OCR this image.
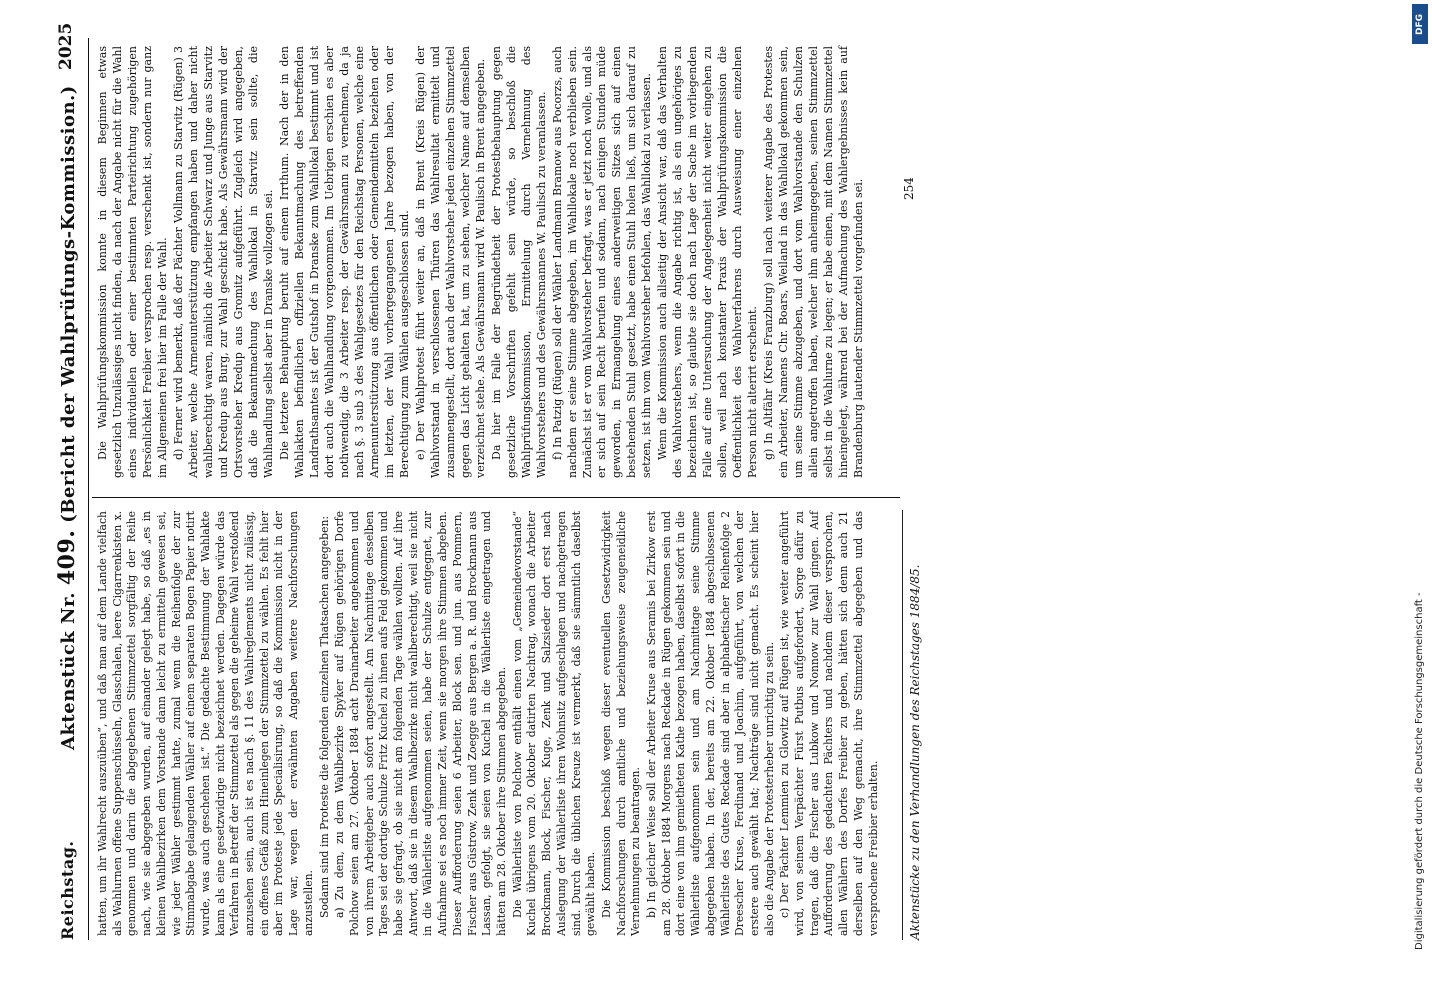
Reichstag.
Aktenstück Nr. 409. (Bericht der Wahlprüfungs-Kommission.)
2025

hatten, um ihr Wahlrecht auszuüben“, und daß man auf dem Lande vielfach als Wahlurnen offene Suppenschüsseln, Glasschalen, leere Cigarrenkisten x. genommen und darin die abgegebenen Stimmzettel sorgfältig der Reihe nach, wie sie abgegeben wurden, auf einander gelegt habe, so daß „es in kleinen Wahlbezirken dem Vorstande dann leicht zu ermitteln gewesen sei, wie jeder Wähler gestimmt hatte, zumal wenn die Reihenfolge der zur Stimmabgabe gelangenden Wähler auf einem separaten Bogen Papier notirt wurde, was auch geschehen ist.“ Die gedachte Bestimmung der Wahlakte kann als eine gesetzwidrige nicht bezeichnet werden. Dagegen würde das Verfahren in Betreff der Stimmzettel als gegen die geheime Wahl verstoßend anzusehen sein, auch ist es nach §. 11 des Wahlreglements nicht zulässig, ein offenes Gefäß zum Hineinlegen der Stimmzettel zu wählen. Es fehlt hier aber im Proteste jede Specialisirung, so daß die Kommission nicht in der Lage war, wegen der erwähnten Angaben weitere Nachforschungen anzustellen. Sodann sind im Proteste die folgenden einzelnen Thatsachen angegeben: a) Zu dem, zu dem Wahlbezirke Spyker auf Rügen gehörigen Dorfe Polchow seien am 27. Oktober 1884 acht Drainarbeiter angekommen und von ihrem Arbeitgeber auch sofort angestellt. Am Nachmittage desselben Tages sei der dortige Schulze Fritz Kuchel zu ihnen aufs Feld gekommen und habe sie gefragt, ob sie nicht am folgenden Tage wählen wollten. Auf ihre Antwort, daß sie in diesem Wahlbezirke nicht wahlberechtigt, weil sie nicht in die Wählerliste aufgenommen seien, habe der Schulze entgegnet, zur Aufnahme sei es noch immer Zeit, wenn sie morgen ihre Stimmen abgeben. Dieser Aufforderung seien 6 Arbeiter, Block sen. und jun. aus Pommern, Fischer aus Güstrow, Zenk und Zoegge aus Bergen a. R. und Brockmann aus Lassan, gefolgt, sie seien von Kuchel in die Wählerliste eingetragen und hätten am 28. Oktober ihre Stimmen abgegeben. Die Wählerliste von Polchow enthält einen vom „Gemeindevorstande“ Kuchel übrigens vom 20. Oktober datirten Nachtrag, wonach die Arbeiter Brockmann, Block, Fischer, Kuge, Zenk und Salzsieder dort erst nach Auslegung der Wählerliste ihren Wohnsitz aufgeschlagen und nachgetragen sind. Durch die üblichen Kreuze ist vermerkt, daß sie sämmtlich daselbst gewählt haben. Die Kommission beschloß wegen dieser eventuellen Gesetzwidrigkeit Nachforschungen durch amtliche und beziehungsweise zeugeneidliche Vernehmungen zu beantragen. b) In gleicher Weise soll der Arbeiter Kruse aus Seramis bei Zirkow erst am 28. Oktober 1884 Morgens nach Reckade in Rügen gekommen sein und dort eine von ihm gemietheten Kathe bezogen haben, daselbst sofort in die Wählerliste aufgenommen sein und am Nachmittage seine Stimme abgegeben haben. In der, bereits am 22. Oktober 1884 abgeschlossenen Wählerliste des Gutes Reckade sind aber in alphabetischer Reihenfolge 2 Dreescher Kruse, Ferdinand und Joachim, aufgeführt, von welchen der erstere auch gewählt hat; Nachträge sind nicht gemacht. Es scheint hier also die Angabe der Protesterheber unrichtig zu sein. c) Der Pächter Lemmien zu Glowitz auf Rügen ist, wie weiter angeführt wird, von seinem Verpächter Fürst Putbus aufgefordert, Sorge dafür zu tragen, daß die Fischer aus Lubkow und Nonnow zur Wahl gingen. Auf Aufforderung des gedachten Pächters und nachdem dieser versprochen, allen Wählern des Dorfes Freibier zu geben, hätten sich denn auch 21 derselben auf den Weg gemacht, ihre Stimmzettel abgegeben und das versprochene Freibier erhalten.

Die Wahlprüfungskommission konnte in diesem Beginnen etwas gesetzlich Unzulässiges nicht finden, da nach der Angabe nicht für die Wahl eines individuellen oder einer bestimmten Parteirichtung zugehörigen Persönlichkeit Freibier versprochen resp. verschenkt ist, sondern nur ganz im Allgemeinen frei hier im Falle der Wahl. d) Ferner wird bemerkt, daß der Pächter Vollmann zu Starvitz (Rügen) 3 Arbeiter, welche Armenunterstützung empfangen haben und daher nicht wahlberechtigt waren, nämlich die Arbeiter Schwarz und Junge aus Starvitz und Kredup aus Burg, zur Wahl geschickt habe. Als Gewährsmann wird der Ortsvorsteher Kredup aus Gromitz aufgeführt. Zugleich wird angegeben, daß die Bekanntmachung des Wahllokal in Starvitz sein sollte, die Wahlhandlung selbst aber in Dranske vollzogen sei. Die letztere Behauptung beruht auf einem Irrthum. Nach der in den Wahlakten befindlichen offiziellen Bekanntmachung des betreffenden Landrathsamtes ist der Gutshof in Dranske zum Wahllokal bestimmt und ist dort auch die Wahlhandlung vorgenommen. Im Uebrigen erschien es aber nothwendig, die 3 Arbeiter resp. der Gewährsmann zu vernehmen, da ja nach §. 3 sub 3 des Wahlgesetzes für den Reichstag Personen, welche eine Armenunterstützung aus öffentlichen oder Gemeindemitteln beziehen oder im letzten, der Wahl vorhergegangenen Jahre bezogen haben, von der Berechtigung zum Wählen ausgeschlossen sind. e) Der Wahlprotest führt weiter an, daß in Brent (Kreis Rügen) der Wahlvorstand in verschlossenen Thüren das Wahlresultat ermittelt und zusammengestellt, dort auch der Wahlvorsteher jeden einzelnen Stimmzettel gegen das Licht gehalten hat, um zu sehen, welcher Name auf demselben verzeichnet stehe. Als Gewährsmann wird W. Paulisch in Brent angegeben. Da hier im Falle der Begründetheit der Protestbehauptung gegen gesetzliche Vorschriften gefehlt sein würde, so beschloß die Wahlprüfungskommission, Ermittelung durch Vernehmung des Wahlvorstehers und des Gewährsmannes W. Paulisch zu veranlassen. f) In Patzig (Rügen) soll der Wähler Landmann Bramow aus Pocorzs, auch nachdem er seine Stimme abgegeben, im Wahllokale noch verblieben sein. Zunächst ist er vom Wahlvorsteher befragt, was er jetzt noch wolle, und als er sich auf sein Recht berufen und sodann, nach einigen Stunden müde geworden, in Ermangelung eines anderweitigen Sitzes sich auf einen bestehenden Stuhl gesetzt, habe einen Stuhl holen ließ, um sich darauf zu setzen, ist ihm vom Wahlvorsteher befohlen, das Wahllokal zu verlassen. Wenn die Kommission auch allseitig der Ansicht war, daß das Verhalten des Wahlvorstehers, wenn die Angabe richtig ist, als ein ungehöriges zu bezeichnen ist, so glaubte sie doch nach Lage der Sache im vorliegenden Falle auf eine Untersuchung der Angelegenheit nicht weiter eingehen zu sollen, weil nach konstanter Praxis der Wahlprüfungskommission die Oeffentlichkeit des Wahlverfahrens durch Ausweisung einer einzelnen Person nicht alterirt erscheint. g) In Altfähr (Kreis Franzburg) soll nach weiterer Angabe des Protestes ein Arbeiter, Namens Chr. Boars, Weiland in das Wahllokal gekommen sein, um seine Stimme abzugeben, und dort vom Wahlvorstande den Schulzen allein angetroffen haben, welcher ihm anheimgegeben, seinen Stimmzettel selbst in die Wahlurne zu legen; er habe einen, mit dem Namen Stimmzettel hineingelegt, während bei der Aufmachung des Wahlergebnisses kein auf Brandenburg lautender Stimmzettel vorgefunden sei.

Aktenstücke zu den Verhandlungen des Reichstages 1884/85.
254
DFG
Digitalisierung gefördert durch die Deutsche Forschungsgemeinschaft -
